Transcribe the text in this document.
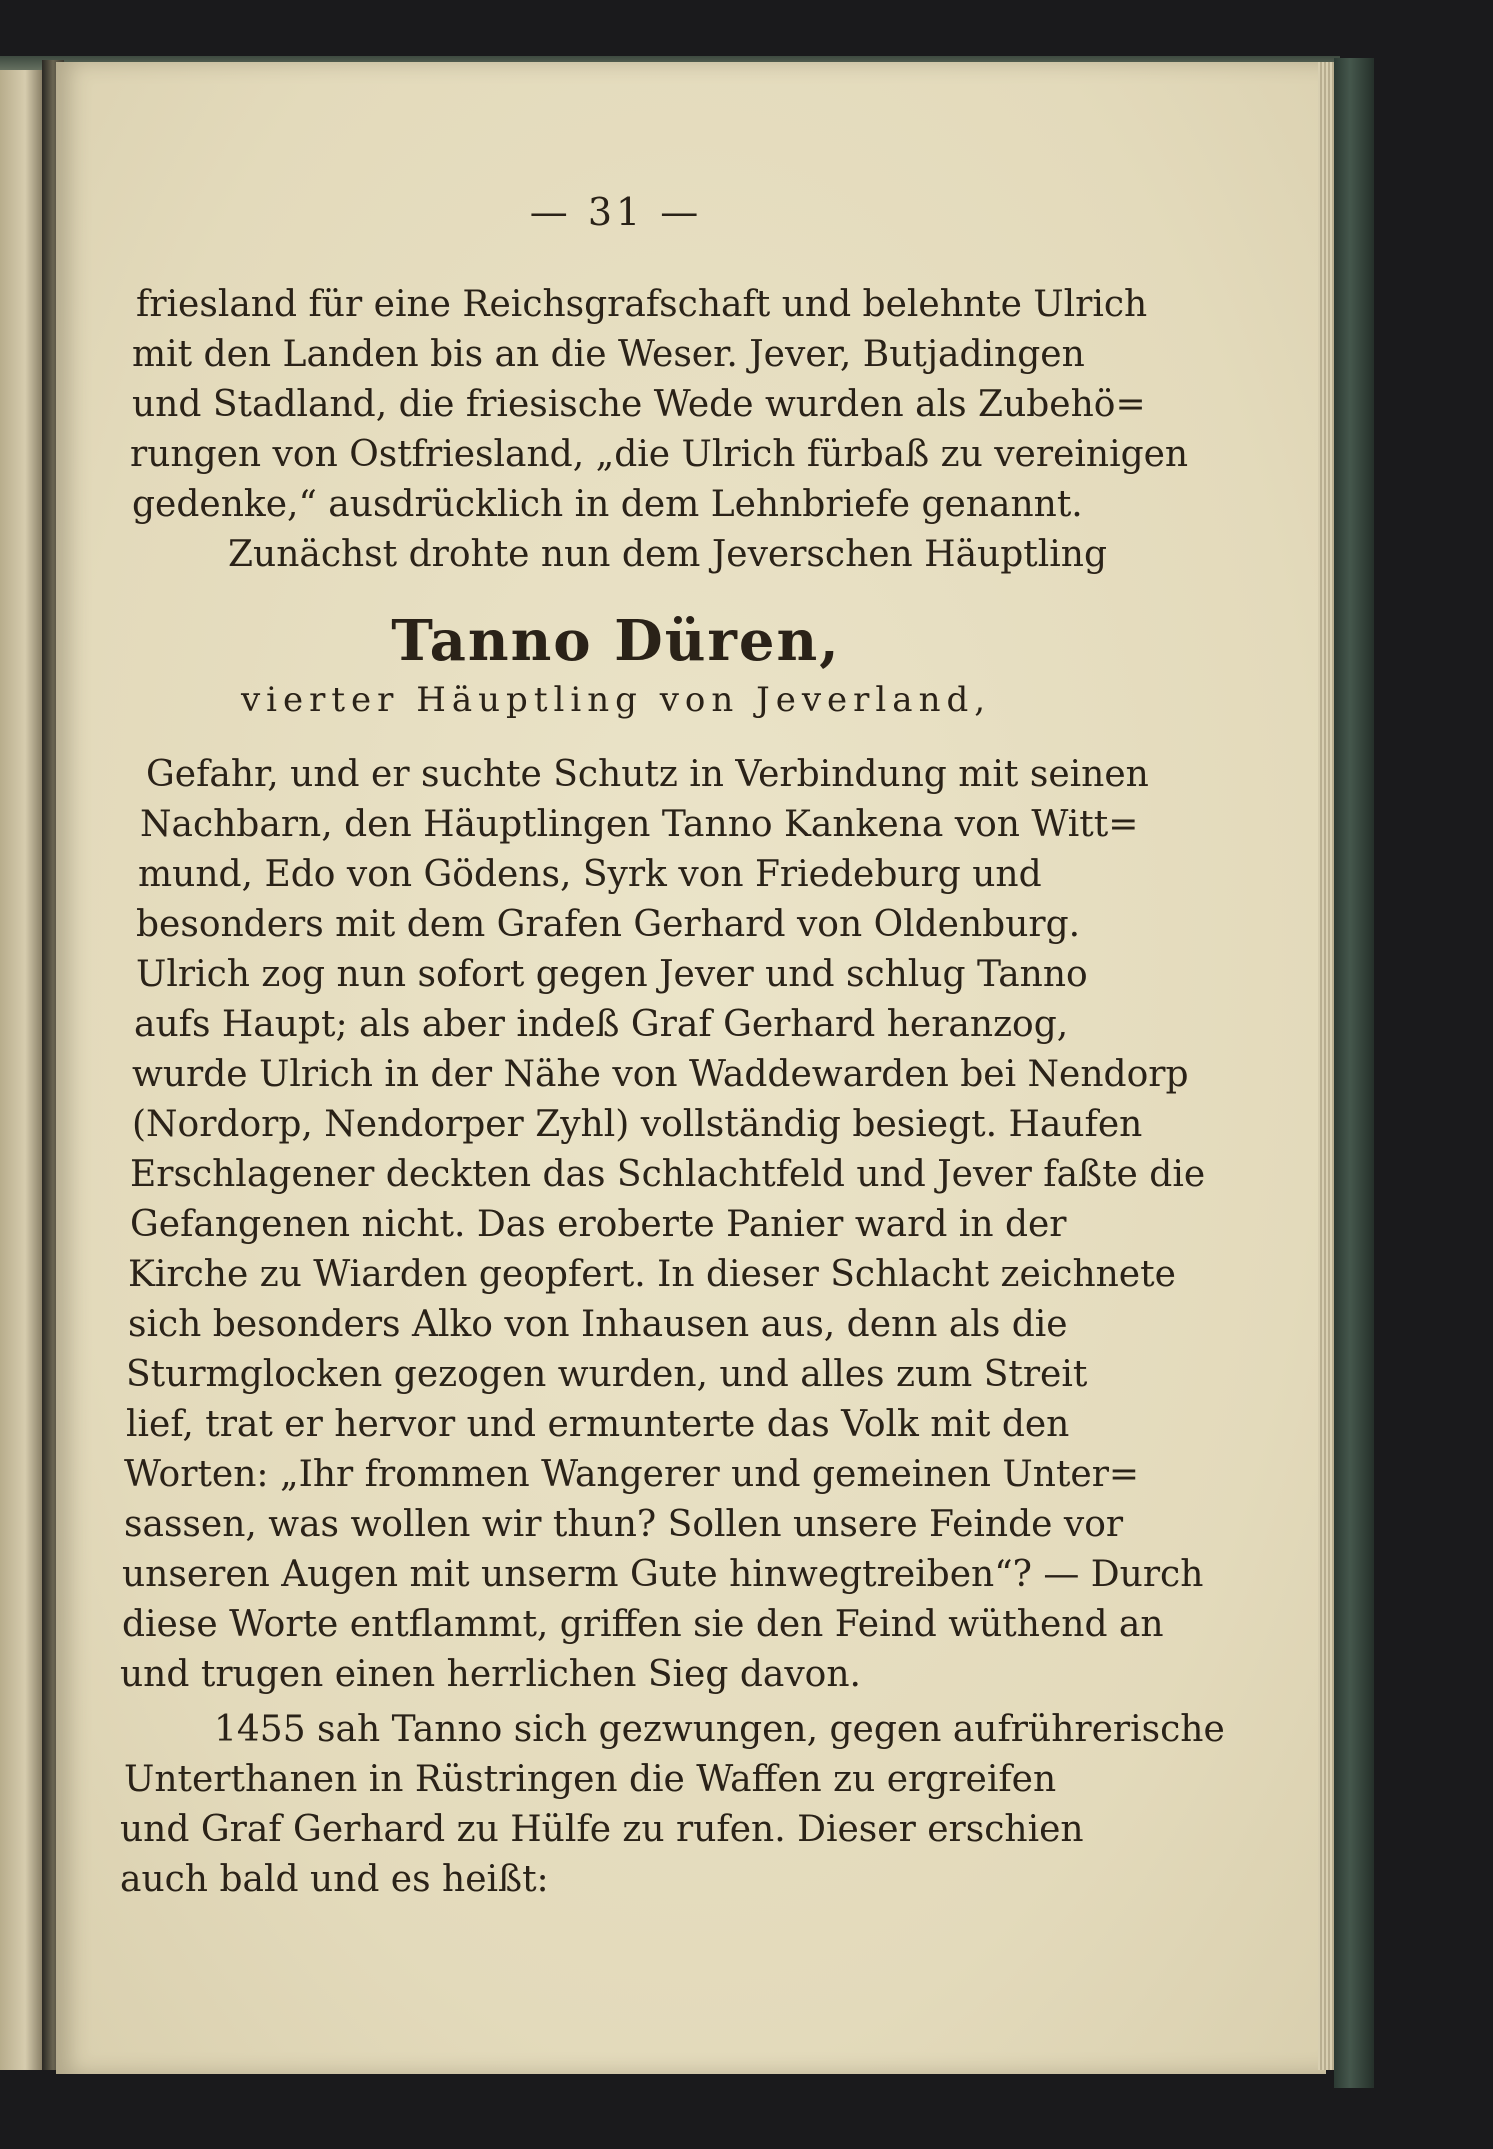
— 31 —
friesland für eine Reichsgrafschaft und belehnte Ulrich
mit den Landen bis an die Weser. Jever, Butjadingen
und Stadland, die friesische Wede wurden als Zubehö=
rungen von Ostfriesland, „die Ulrich fürbaß zu vereinigen
gedenke,“ ausdrücklich in dem Lehnbriefe genannt.
Zunächst drohte nun dem Jeverschen Häuptling
Tanno Düren,
vierter Häuptling von Jeverland,
Gefahr, und er suchte Schutz in Verbindung mit seinen
Nachbarn, den Häuptlingen Tanno Kankena von Witt=
mund, Edo von Gödens, Syrk von Friedeburg und
besonders mit dem Grafen Gerhard von Oldenburg.
Ulrich zog nun sofort gegen Jever und schlug Tanno
aufs Haupt; als aber indeß Graf Gerhard heranzog,
wurde Ulrich in der Nähe von Waddewarden bei Nendorp
(Nordorp, Nendorper Zyhl) vollständig besiegt. Haufen
Erschlagener deckten das Schlachtfeld und Jever faßte die
Gefangenen nicht. Das eroberte Panier ward in der
Kirche zu Wiarden geopfert. In dieser Schlacht zeichnete
sich besonders Alko von Inhausen aus, denn als die
Sturmglocken gezogen wurden, und alles zum Streit
lief, trat er hervor und ermunterte das Volk mit den
Worten: „Ihr frommen Wangerer und gemeinen Unter=
sassen, was wollen wir thun? Sollen unsere Feinde vor
unseren Augen mit unserm Gute hinwegtreiben“? — Durch
diese Worte entflammt, griffen sie den Feind wüthend an
und trugen einen herrlichen Sieg davon.
1455 sah Tanno sich gezwungen, gegen aufrührerische
Unterthanen in Rüstringen die Waffen zu ergreifen
und Graf Gerhard zu Hülfe zu rufen. Dieser erschien
auch bald und es heißt:
